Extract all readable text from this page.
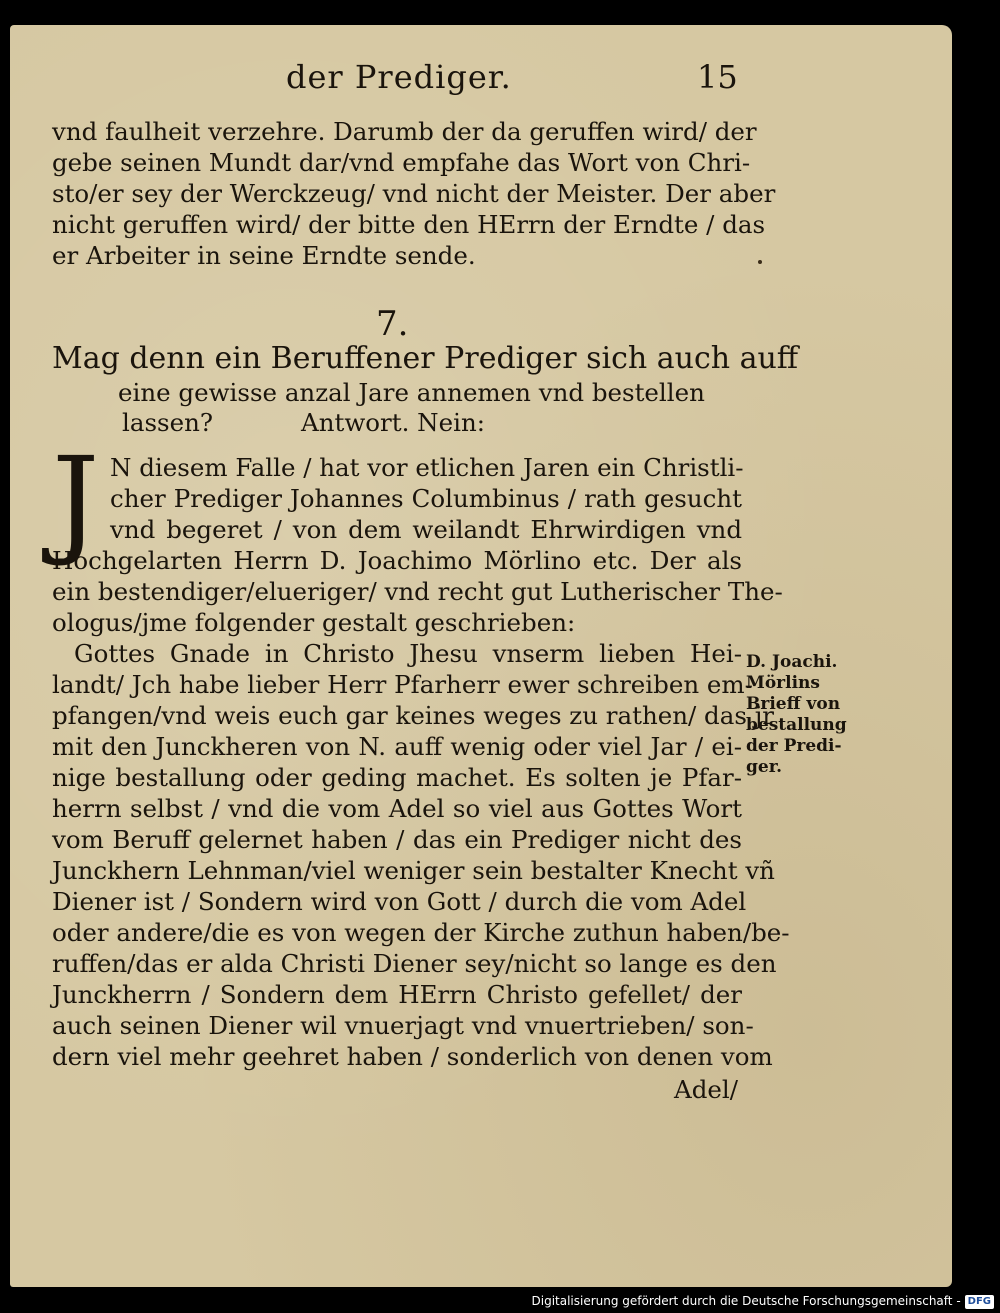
der Prediger.	15
vnd faulheit verzehre. Darumb der da geruffen wird/ der
gebe seinen Mundt dar/vnd empfahe das Wort von Chri-
sto/er sey der Werckzeug/ vnd nicht der Meister. Der aber
nicht geruffen wird/ der bitte den HErrn der Erndte / das
er Arbeiter in seine Erndte sende.
7.
Mag denn ein Beruffener Prediger sich auch auff
eine gewisse anzal Jare annemen vnd bestellen
lassen?	Antwort. Nein:
J N diesem Falle / hat vor etlichen Jaren ein Christli-
cher Prediger Johannes Columbinus / rath gesucht
vnd begeret / von dem weilandt Ehrwirdigen vnd
Hochgelarten Herrn D. Joachimo Mörlino etc. Der als
ein bestendiger/elueriger/ vnd recht gut Lutherischer The-
ologus/jme folgender gestalt geschrieben:
Gottes Gnade in Christo Jhesu vnserm lieben Hei-
landt/ Jch habe lieber Herr Pfarherr ewer schreiben em-
pfangen/vnd weis euch gar keines weges zu rathen/ das jr
mit den Junckheren von N. auff wenig oder viel Jar / ei-
nige bestallung oder geding machet. Es solten je Pfar-
herrn selbst / vnd die vom Adel so viel aus Gottes Wort
vom Beruff gelernet haben / das ein Prediger nicht des
Junckhern Lehnman/viel weniger sein bestalter Knecht vñ
Diener ist / Sondern wird von Gott / durch die vom Adel
oder andere/die es von wegen der Kirche zuthun haben/be-
ruffen/das er alda Christi Diener sey/nicht so lange es den
Junckherrn / Sondern dem HErrn Christo gefellet/ der
auch seinen Diener wil vnuerjagt vnd vnuertrieben/ son-
dern viel mehr geehret haben / sonderlich von denen vom
D. Joachi.
Mörlins
Brieff von
bestallung
der Predi-
ger.
Adel/
Digitalisierung gefördert durch die Deutsche Forschungsgemeinschaft - DFG
